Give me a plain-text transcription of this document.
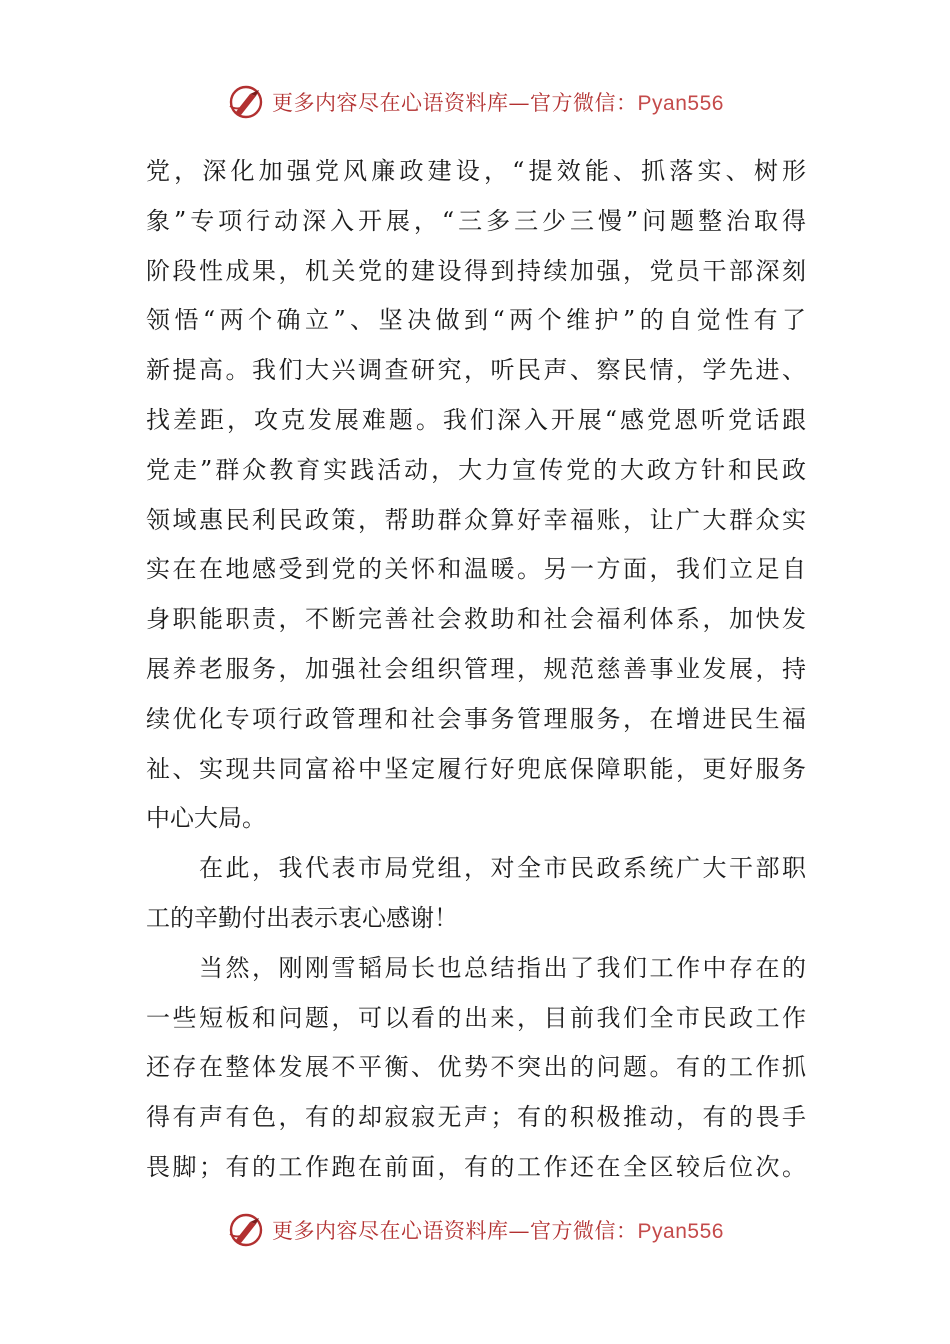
更多内容尽在心语资料库—官方微信：Pyan556
党，深化加强党风廉政建设，“提效能、抓落实、树形
象”专项行动深入开展，“三多三少三慢”问题整治取得
阶段性成果，机关党的建设得到持续加强，党员干部深刻
领悟“两个确立”、坚决做到“两个维护”的自觉性有了
新提高。我们大兴调查研究，听民声、察民情，学先进、
找差距，攻克发展难题。我们深入开展“感党恩听党话跟
党走”群众教育实践活动，大力宣传党的大政方针和民政
领域惠民利民政策，帮助群众算好幸福账，让广大群众实
实在在地感受到党的关怀和温暖。另一方面，我们立足自
身职能职责，不断完善社会救助和社会福利体系，加快发
展养老服务，加强社会组织管理，规范慈善事业发展，持
续优化专项行政管理和社会事务管理服务，在增进民生福
祉、实现共同富裕中坚定履行好兜底保障职能，更好服务
中心大局。
　　在此，我代表市局党组，对全市民政系统广大干部职
工的辛勤付出表示衷心感谢！
　　当然，刚刚雪韬局长也总结指出了我们工作中存在的
一些短板和问题，可以看的出来，目前我们全市民政工作
还存在整体发展不平衡、优势不突出的问题。有的工作抓
得有声有色，有的却寂寂无声；有的积极推动，有的畏手
畏脚；有的工作跑在前面，有的工作还在全区较后位次。
更多内容尽在心语资料库—官方微信：Pyan556
